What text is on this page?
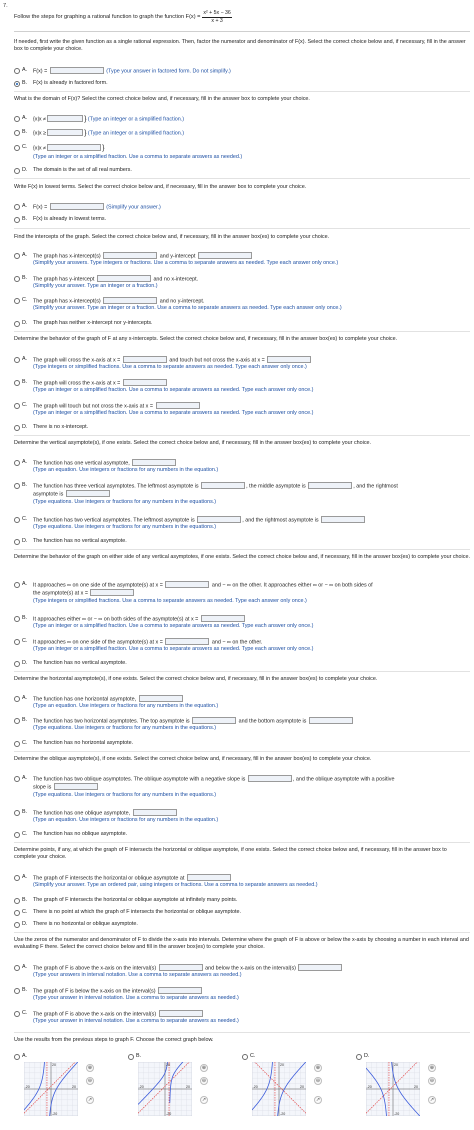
7.
Follow the steps for graphing a rational function to graph the function $F(x) = \frac{\text{x² + 5x − 36}}{x + 3}$
If needed, first write the given function as a single rational expression. Then, factor the numerator and denominator of F(x). Select the correct choice below and, if necessary, fill in the answer box to complete your choice.
A.	F(x) =	(Type your answer in factored form. Do not simplify.)
B.	F(x) is already in factored form.
What is the domain of F(x)? Select the correct choice below and, if necessary, fill in the answer box to complete your choice.
A.	{x|x ≠	} (Type an integer or a simplified fraction.)
B.	{x|x ≥	} (Type an integer or a simplified fraction.)
C.	{x|x ≠	}
(Type an integer or a simplified fraction. Use a comma to separate answers as needed.)
D.	The domain is the set of all real numbers.
Write F(x) in lowest terms. Select the correct choice below and, if necessary, fill in the answer box to complete your choice.
A.	F(x) =	(Simplify your answer.)
B.	F(x) is already in lowest terms.
Find the intercepts of the graph. Select the correct choice below and, if necessary, fill in the answer box(es) to complete your choice.
A.	The graph has x-intercept(s)	and y-intercept
(Simplify your answers. Type integers or fractions. Use a comma to separate answers as needed. Type each answer only once.)
B.	The graph has y-intercept	and no x-intercept.
(Simplify your answer. Type an integer or a fraction.)
C.	The graph has x-intercept(s)	and no y-intercept.
(Simplify your answer. Type an integer or a fraction. Use a comma to separate answers as needed. Type each answer only once.)
D.	The graph has neither x-intercept nor y-intercepts.
Determine the behavior of the graph of F at any x-intercepts. Select the correct choice below and, if necessary, fill in the answer box(es) to complete your choice.
A.	The graph will cross the x-axis at x =	and touch but not cross the x-axis at x =
(Type integers or simplified fractions. Use a comma to separate answers as needed. Type each answer only once.)
B.	The graph will cross the x-axis at x =
(Type an integer or a simplified fraction. Use a comma to separate answers as needed. Type each answer only once.)
C.	The graph will touch but not cross the x-axis at x =
(Type an integer or a simplified fraction. Use a comma to separate answers as needed. Type each answer only once.)
D.	There is no x-intercept.
Determine the vertical asymptote(s), if one exists. Select the correct choice below and, if necessary, fill in the answer box(es) to complete your choice.
A.	The function has one vertical asymptote,
(Type an equation. Use integers or fractions for any numbers in the equation.)
B.	The function has three vertical asymptotes. The leftmost asymptote is	, the middle asymptote is	, and the rightmost
asymptote is
(Type equations. Use integers or fractions for any numbers in the equations.)
C.	The function has two vertical asymptotes. The leftmost asymptote is	, and the rightmost asymptote is
(Type equations. Use integers or fractions for any numbers in the equations.)
D.	The function has no vertical asymptote.
Determine the behavior of the graph on either side of any vertical asymptotes, if one exists. Select the correct choice below and, if necessary, fill in the answer box(es) to complete your choice.
A.	It approaches ∞ on one side of the asymptote(s) at x =	and − ∞ on the other. It approaches either ∞ or − ∞ on both sides of
the asymptote(s) at x =
(Type integers or simplified fractions. Use a comma to separate answers as needed. Type each answer only once.)
B.	It approaches either ∞ or − ∞ on both sides of the asymptote(s) at x =
(Type an integer or a simplified fraction. Use a comma to separate answers as needed. Type each answer only once.)
C.	It approaches ∞ on one side of the asymptote(s) at x =	and − ∞ on the other.
(Type an integer or a simplified fraction. Use a comma to separate answers as needed. Type each answer only once.)
D.	The function has no vertical asymptote.
Determine the horizontal asymptote(s), if one exists. Select the correct choice below and, if necessary, fill in the answer box(es) to complete your choice.
A.	The function has one horizontal asymptote,
(Type an equation. Use integers or fractions for any numbers in the equation.)
B.	The function has two horizontal asymptotes. The top asymptote is	and the bottom asymptote is
(Type equations. Use integers or fractions for any numbers in the equations.)
C.	The function has no horizontal asymptote.
Determine the oblique asymptote(s), if one exists. Select the correct choice below and, if necessary, fill in the answer box(es) to complete your choice.
A.	The function has two oblique asymptotes. The oblique asymptote with a negative slope is	, and the oblique asymptote with a positive
slope is
(Type equations. Use integers or fractions for any numbers in the equations.)
B.	The function has one oblique asymptote,
(Type an equation. Use integers or fractions for any numbers in the equation.)
C.	The function has no oblique asymptote.
Determine points, if any, at which the graph of F intersects the horizontal or oblique asymptote, if one exists. Select the correct choice below and, if necessary, fill in the answer box to complete your choice.
A.	The graph of F intersects the horizontal or oblique asymptote at
(Simplify your answer. Type an ordered pair, using integers or fractions. Use a comma to separate answers as needed.)
B.	The graph of F intersects the horizontal or oblique asymptote at infinitely many points.
C.	There is no point at which the graph of F intersects the horizontal or oblique asymptote.
D.	There is no horizontal or oblique asymptote.
Use the zeros of the numerator and denominator of F to divide the x-axis into intervals. Determine where the graph of F is above or below the x-axis by choosing a number in each interval and evaluating F there. Select the correct choice below and fill in the answer box(es) to complete your choice.
A.	The graph of F is above the x-axis on the interval(s)	and below the x-axis on the interval(s)
(Type your answers in interval notation. Use a comma to separate answers as needed.)
B.	The graph of F is below the x-axis on the interval(s)
(Type your answer in interval notation. Use a comma to separate answers as needed.)
C.	The graph of F is above the x-axis on the interval(s)
(Type your answer in interval notation. Use a comma to separate answers as needed.)
Use the results from the previous steps to graph F. Choose the correct graph below.
A.
20
-20	20
-20
⊕
⊖
↗
B.
20
-20	20
-20
⊕
⊖
↗
C.
20
-20	20
-20
⊕
⊖
↗
D.
20
-20	20
-20
⊕
⊖
↗
